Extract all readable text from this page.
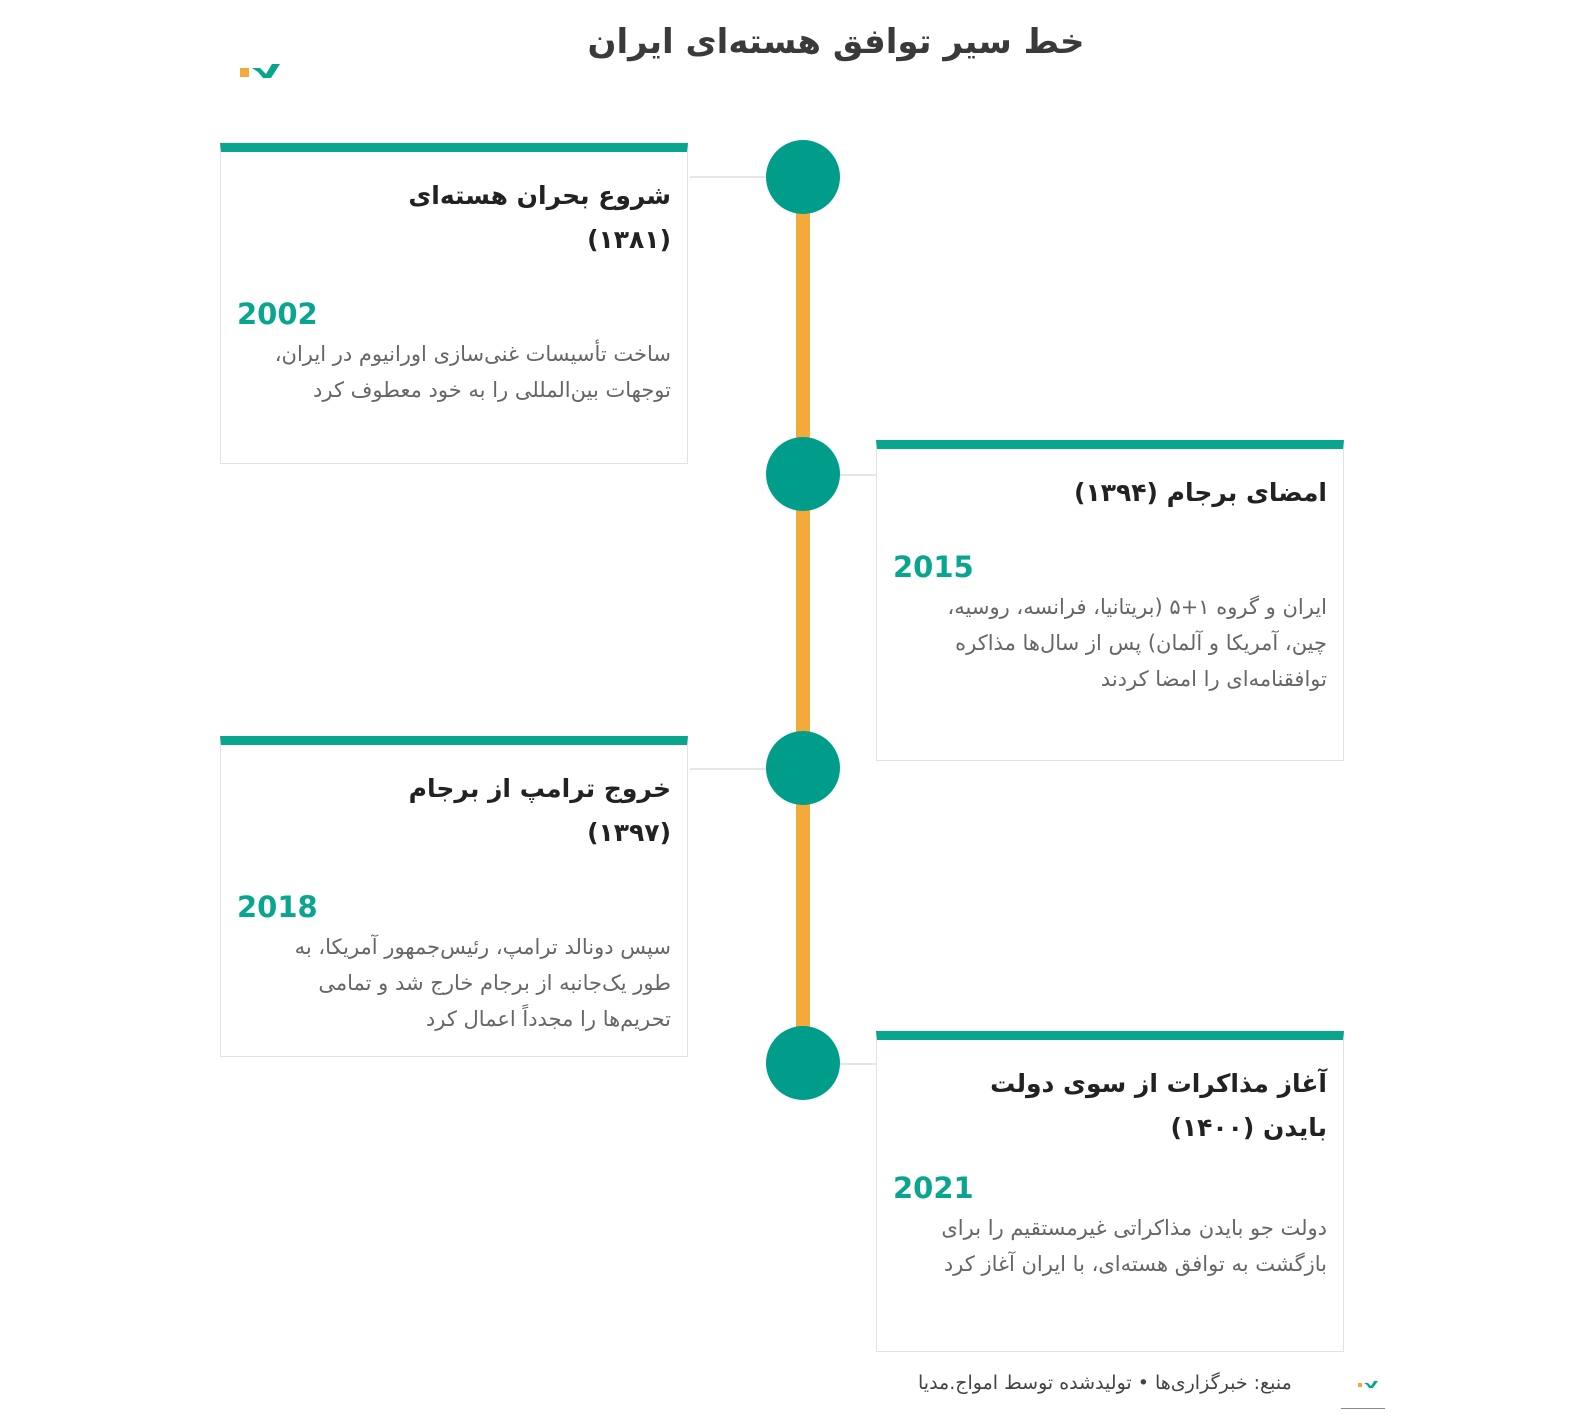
خط سیر توافق هسته‌ای ایران
شروع بحران هسته‌ای (۱۳۸۱)
2002
ساخت تأسیسات غنی‌سازی اورانیوم در ایران، توجهات بین‌المللی را به خود معطوف کرد
امضای برجام (۱۳۹۴)
2015
ایران و گروه ۱+۵ (بریتانیا، فرانسه، روسیه، چین، آمریکا و آلمان) پس از سال‌ها مذاکره توافقنامه‌ای را امضا کردند
خروج ترامپ از برجام (۱۳۹۷)
2018
سپس دونالد ترامپ، رئیس‌جمهور آمریکا، به طور یک‌جانبه از برجام خارج شد و تمامی تحریم‌ها را مجدداً اعمال کرد
آغاز مذاکرات از سوی دولت بایدن (۱۴۰۰)
2021
دولت جو بایدن مذاکراتی غیرمستقیم را برای بازگشت به توافق هسته‌ای، با ایران آغاز کرد
منبع: خبرگزاری‌ها • تولیدشده توسط امواج.مدیا
